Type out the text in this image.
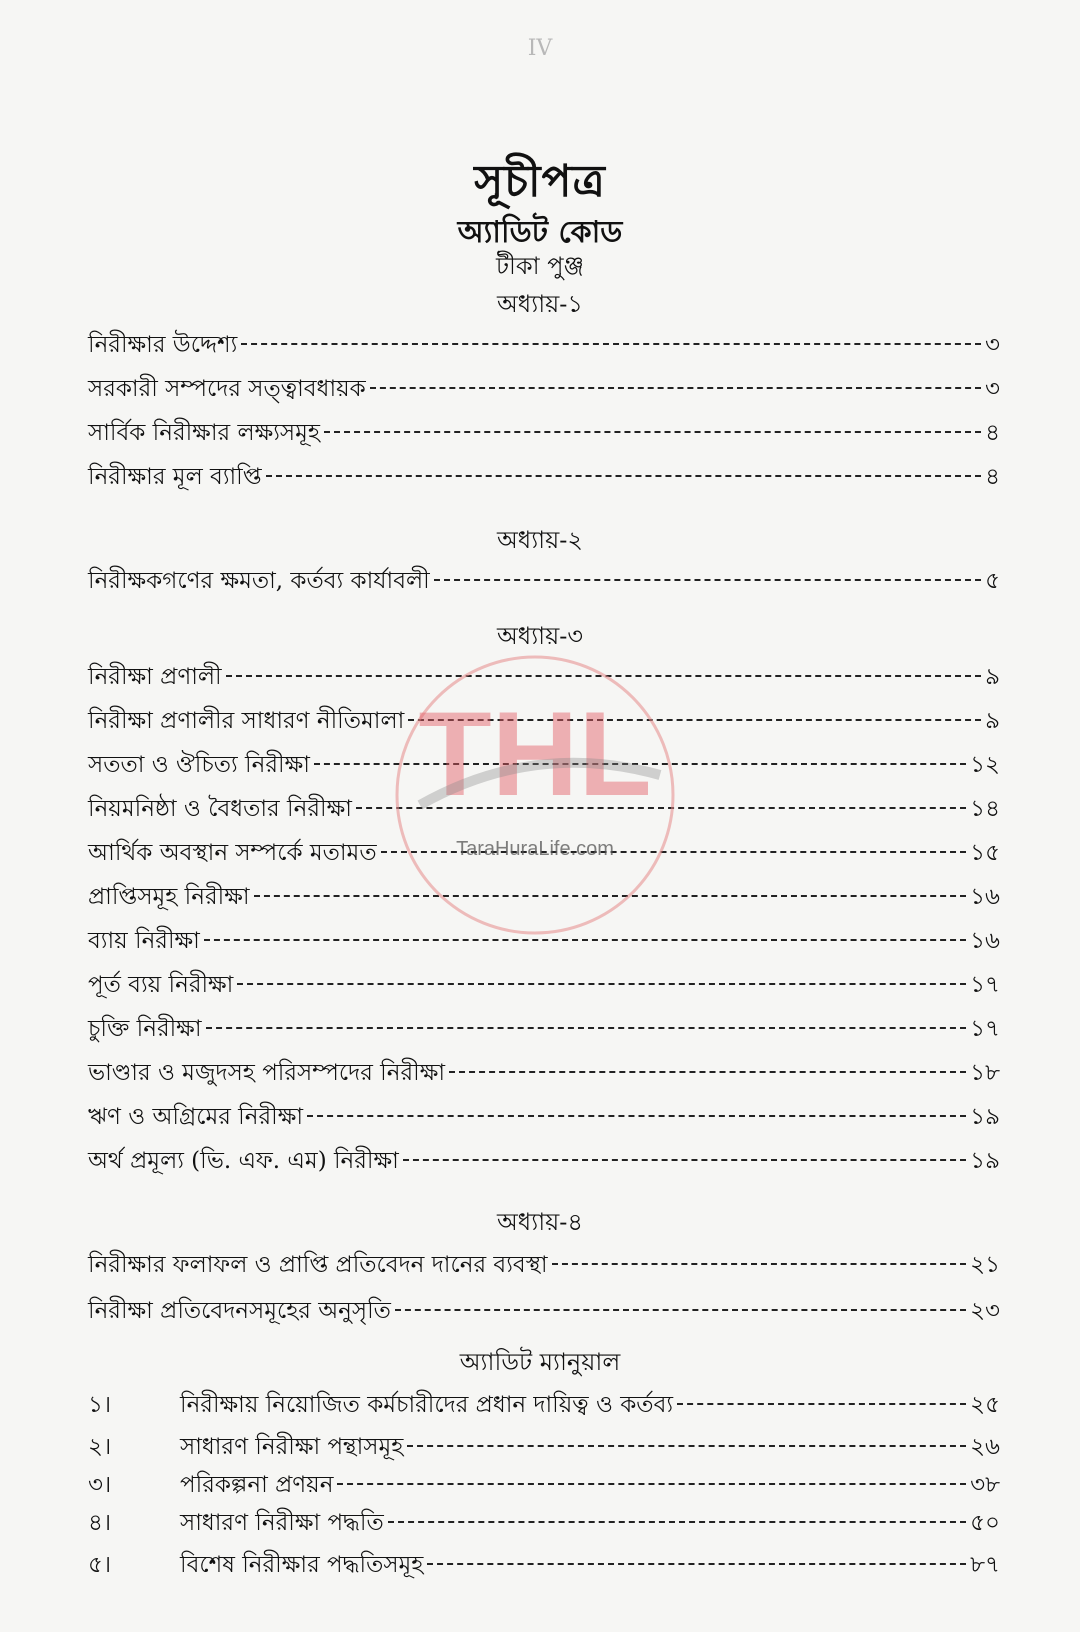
IV
সূচীপত্র
অ্যাডিট কোড
টীকা পুঞ্জ
অধ্যায়-১
নিরীক্ষার উদ্দেশ্য	৩
সরকারী সম্পদের সত্ত্বাবধায়ক	৩
সার্বিক নিরীক্ষার লক্ষ্যসমূহ	৪
নিরীক্ষার মূল ব্যাপ্তি	৪
অধ্যায়-২
নিরীক্ষকগণের ক্ষমতা, কর্তব্য কার্যাবলী	৫
অধ্যায়-৩
নিরীক্ষা প্রণালী	৯
নিরীক্ষা প্রণালীর সাধারণ নীতিমালা	৯
সততা ও ঔচিত্য নিরীক্ষা	১২
নিয়মনিষ্ঠা ও বৈধতার নিরীক্ষা	১৪
আর্থিক অবস্থান সম্পর্কে মতামত	১৫
প্রাপ্তিসমূহ নিরীক্ষা	১৬
ব্যায় নিরীক্ষা	১৬
পূর্ত ব্যয় নিরীক্ষা	১৭
চুক্তি নিরীক্ষা	১৭
ভাণ্ডার ও মজুদসহ পরিসম্পদের নিরীক্ষা	১৮
ঋণ ও অগ্রিমের নিরীক্ষা	১৯
অর্থ প্রমূল্য (ভি. এফ. এম) নিরীক্ষা	১৯
অধ্যায়-৪
নিরীক্ষার ফলাফল ও প্রাপ্তি প্রতিবেদন দানের ব্যবস্থা	২১
নিরীক্ষা প্রতিবেদনসমূহের অনুসৃতি	২৩
অ্যাডিট ম্যানুয়াল
১।	নিরীক্ষায় নিয়োজিত কর্মচারীদের প্রধান দায়িত্ব ও কর্তব্য	২৫
২।	সাধারণ নিরীক্ষা পন্থাসমূহ	২৬
৩।	পরিকল্পনা প্রণয়ন	৩৮
৪।	সাধারণ নিরীক্ষা পদ্ধতি	৫০
৫।	বিশেষ নিরীক্ষার পদ্ধতিসমূহ	৮৭
THL
TaraHuraLife.com
